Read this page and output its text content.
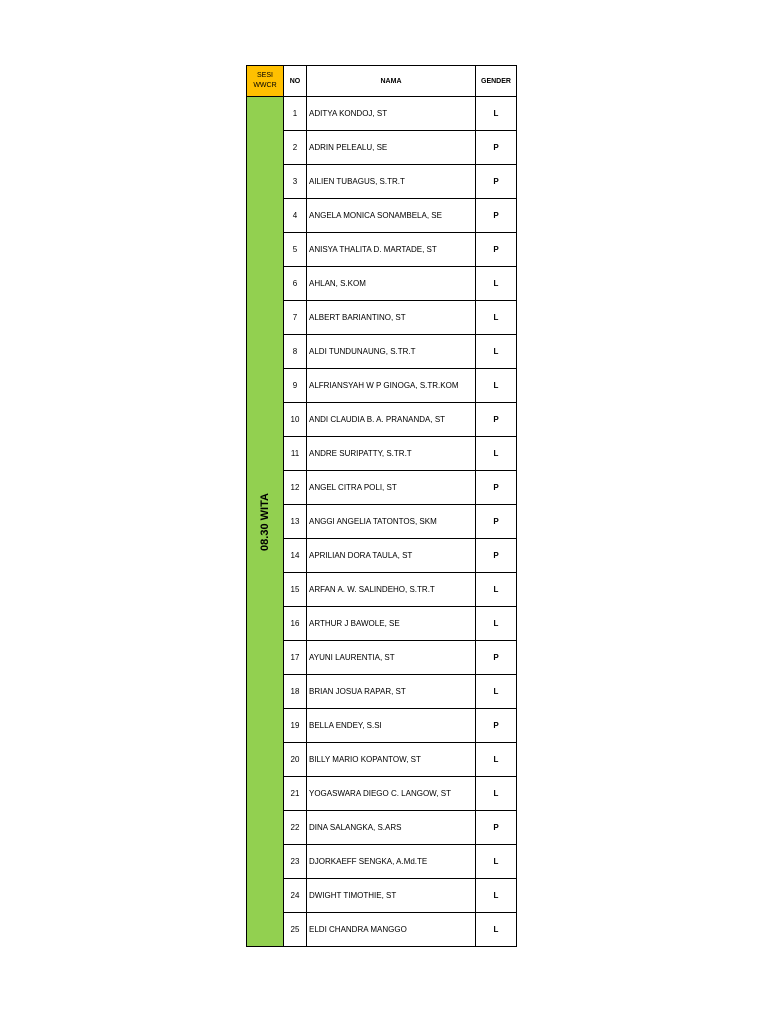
SESI
WWCR	NO	NAMA	GENDER

08.30 WITA	1	ADITYA KONDOJ, ST	L
	2	ADRIN PELEALU, SE	P
	3	AILIEN TUBAGUS, S.TR.T	P
	4	ANGELA MONICA SONAMBELA, SE	P
	5	ANISYA THALITA D. MARTADE, ST	P
	6	AHLAN, S.KOM	L
	7	ALBERT BARIANTINO, ST	L
	8	ALDI TUNDUNAUNG, S.TR.T	L
	9	ALFRIANSYAH W P GINOGA, S.TR.KOM	L
	10	ANDI CLAUDIA B. A. PRANANDA, ST	P
	11	ANDRE SURIPATTY, S.TR.T	L
	12	ANGEL CITRA POLI, ST	P
	13	ANGGI ANGELIA TATONTOS, SKM	P
	14	APRILIAN DORA TAULA, ST	P
	15	ARFAN A. W. SALINDEHO, S.TR.T	L
	16	ARTHUR J BAWOLE, SE	L
	17	AYUNI LAURENTIA, ST	P
	18	BRIAN JOSUA RAPAR, ST	L
	19	BELLA ENDEY, S.SI	P
	20	BILLY MARIO KOPANTOW, ST	L
	21	YOGASWARA DIEGO C. LANGOW, ST	L
	22	DINA SALANGKA, S.ARS	P
	23	DJORKAEFF SENGKA, A.Md.TE	L
	24	DWIGHT TIMOTHIE, ST	L
	25	ELDI CHANDRA MANGGO	L
